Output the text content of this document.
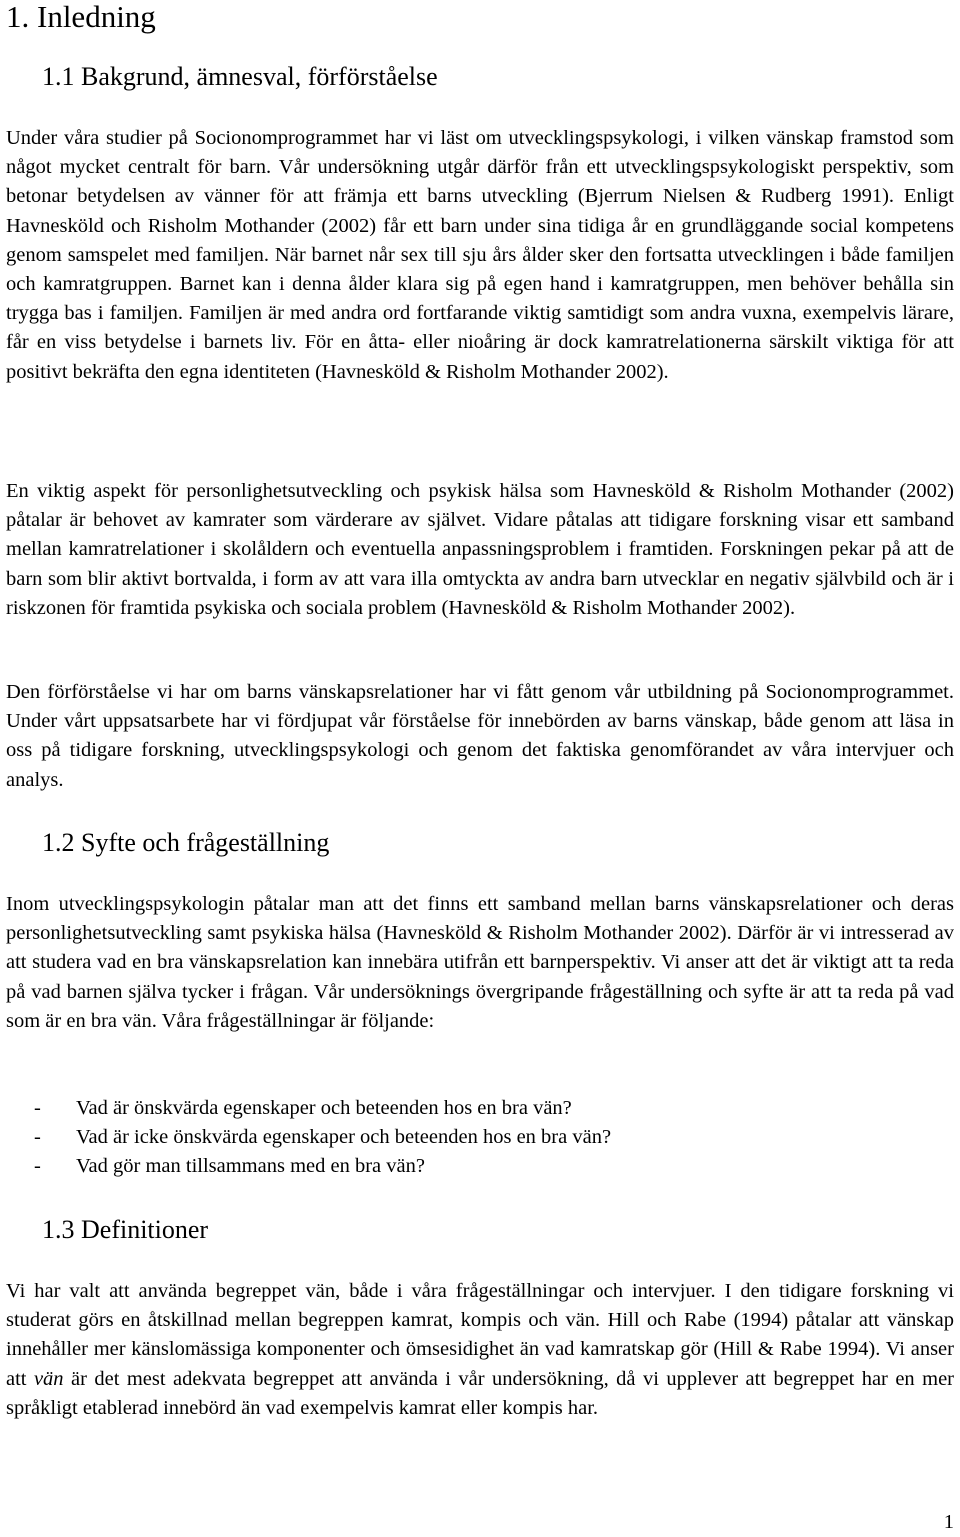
1. Inledning
1.1 Bakgrund, ämnesval, förförståelse

Under våra studier på Socionomprogrammet har vi läst om utvecklingspsykologi, i vilken vänskap framstod som något mycket centralt för barn. Vår undersökning utgår därför från ett utvecklingspsykologiskt perspektiv, som betonar betydelsen av vänner för att främja ett barns utveckling (Bjerrum Nielsen & Rudberg 1991). Enligt Havnesköld och Risholm Mothander (2002) får ett barn under sina tidiga år en grundläggande social kompetens genom samspelet med familjen. När barnet når sex till sju års ålder sker den fortsatta utvecklingen i både familjen och kamratgruppen. Barnet kan i denna ålder klara sig på egen hand i kamratgruppen, men behöver behålla sin trygga bas i familjen. Familjen är med andra ord fortfarande viktig samtidigt som andra vuxna, exempelvis lärare, får en viss betydelse i barnets liv. För en åtta- eller nioåring är dock kamratrelationerna särskilt viktiga för att positivt bekräfta den egna identiteten (Havnesköld & Risholm Mothander 2002).

En viktig aspekt för personlighetsutveckling och psykisk hälsa som Havnesköld & Risholm Mothander (2002) påtalar är behovet av kamrater som värderare av självet. Vidare påtalas att tidigare forskning visar ett samband mellan kamratrelationer i skolåldern och eventuella anpassningsproblem i framtiden. Forskningen pekar på att de barn som blir aktivt bortvalda, i form av att vara illa omtyckta av andra barn utvecklar en negativ självbild och är i riskzonen för framtida psykiska och sociala problem (Havnesköld & Risholm Mothander 2002).

Den förförståelse vi har om barns vänskapsrelationer har vi fått genom vår utbildning på Socionomprogrammet. Under vårt uppsatsarbete har vi fördjupat vår förståelse för innebörden av barns vänskap, både genom att läsa in oss på tidigare forskning, utvecklingspsykologi och genom det faktiska genomförandet av våra intervjuer och analys.

1.2 Syfte och frågeställning

Inom utvecklingspsykologin påtalar man att det finns ett samband mellan barns vänskapsrelationer och deras personlighetsutveckling samt psykiska hälsa (Havnesköld & Risholm Mothander 2002). Därför är vi intresserad av att studera vad en bra vänskapsrelation kan innebära utifrån ett barnperspektiv. Vi anser att det är viktigt att ta reda på vad barnen själva tycker i frågan. Vår undersöknings övergripande frågeställning och syfte är att ta reda på vad som är en bra vän. Våra frågeställningar är följande:

- Vad är önskvärda egenskaper och beteenden hos en bra vän?
- Vad är icke önskvärda egenskaper och beteenden hos en bra vän?
- Vad gör man tillsammans med en bra vän?
1.3 Definitioner

Vi har valt att använda begreppet vän, både i våra frågeställningar och intervjuer. I den tidigare forskning vi studerat görs en åtskillnad mellan begreppen kamrat, kompis och vän. Hill och Rabe (1994) påtalar att vänskap innehåller mer känslomässiga komponenter och ömsesidighet än vad kamratskap gör (Hill & Rabe 1994). Vi anser att vän är det mest adekvata begreppet att använda i vår undersökning, då vi upplever att begreppet har en mer språkligt etablerad innebörd än vad exempelvis kamrat eller kompis har.

1
